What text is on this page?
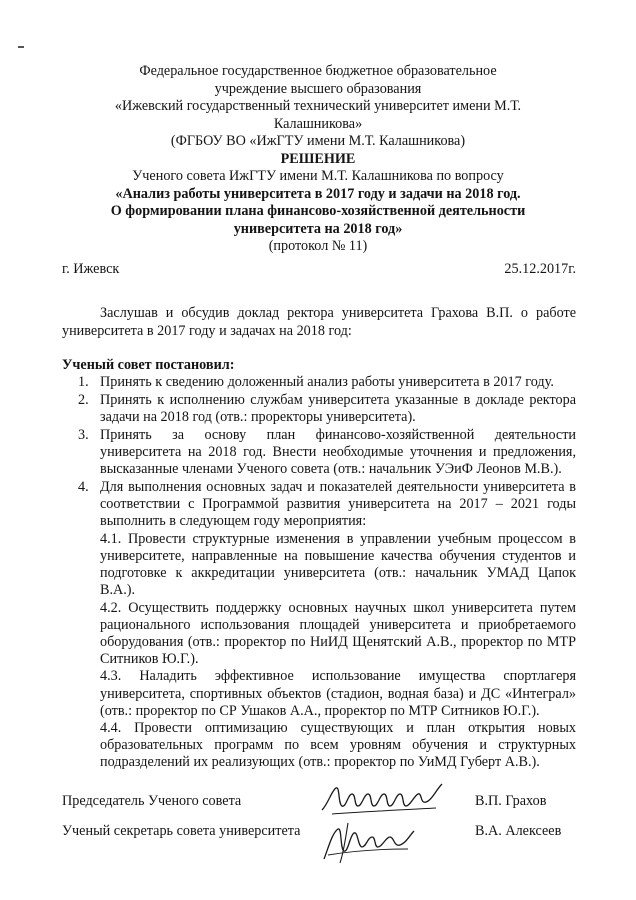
Федеральное государственное бюджетное образовательное
учреждение высшего образования
«Ижевский государственный технический университет имени М.Т.
Калашникова»
(ФГБОУ ВО «ИжГТУ имени М.Т. Калашникова)
РЕШЕНИЕ
Ученого совета ИжГТУ имени М.Т. Калашникова по вопросу
«Анализ работы университета в 2017 году и задачи на 2018 год.
О формировании плана финансово-хозяйственной деятельности
университета на 2018 год»
(протокол № 11)
г. Ижевск	25.12.2017г.
Заслушав и обсудив доклад ректора университета Грахова В.П. о работе университета в 2017 году и задачах на 2018 год:
Ученый совет постановил:
1. Принять к сведению доложенный анализ работы университета в 2017 году.
2. Принять к исполнению службам университета указанные в докладе ректора задачи на 2018 год (отв.: проректоры университета).
3. Принять за основу план финансово-хозяйственной деятельности университета на 2018 год. Внести необходимые уточнения и предложения, высказанные членами Ученого совета (отв.: начальник УЭиФ Леонов М.В.).
4. Для выполнения основных задач и показателей деятельности университета в соответствии с Программой развития университета на 2017 – 2021 годы выполнить в следующем году мероприятия:
4.1. Провести структурные изменения в управлении учебным процессом в университете, направленные на повышение качества обучения студентов и подготовке к аккредитации университета (отв.: начальник УМАД Цапок В.А.).
4.2. Осуществить поддержку основных научных школ университета путем рационального использования площадей университета и приобретаемого оборудования (отв.: проректор по НиИД Щенятский А.В., проректор по МТР Ситников Ю.Г.).
4.3. Наладить эффективное использование имущества спортлагеря университета, спортивных объектов (стадион, водная база) и ДС «Интеграл» (отв.: проректор по СР Ушаков А.А., проректор по МТР Ситников Ю.Г.).
4.4. Провести оптимизацию существующих и план открытия новых образовательных программ по всем уровням обучения и структурных подразделений их реализующих (отв.: проректор по УиМД Губерт А.В.).
Председатель Ученого совета	В.П. Грахов
Ученый секретарь совета университета	В.А. Алексеев
